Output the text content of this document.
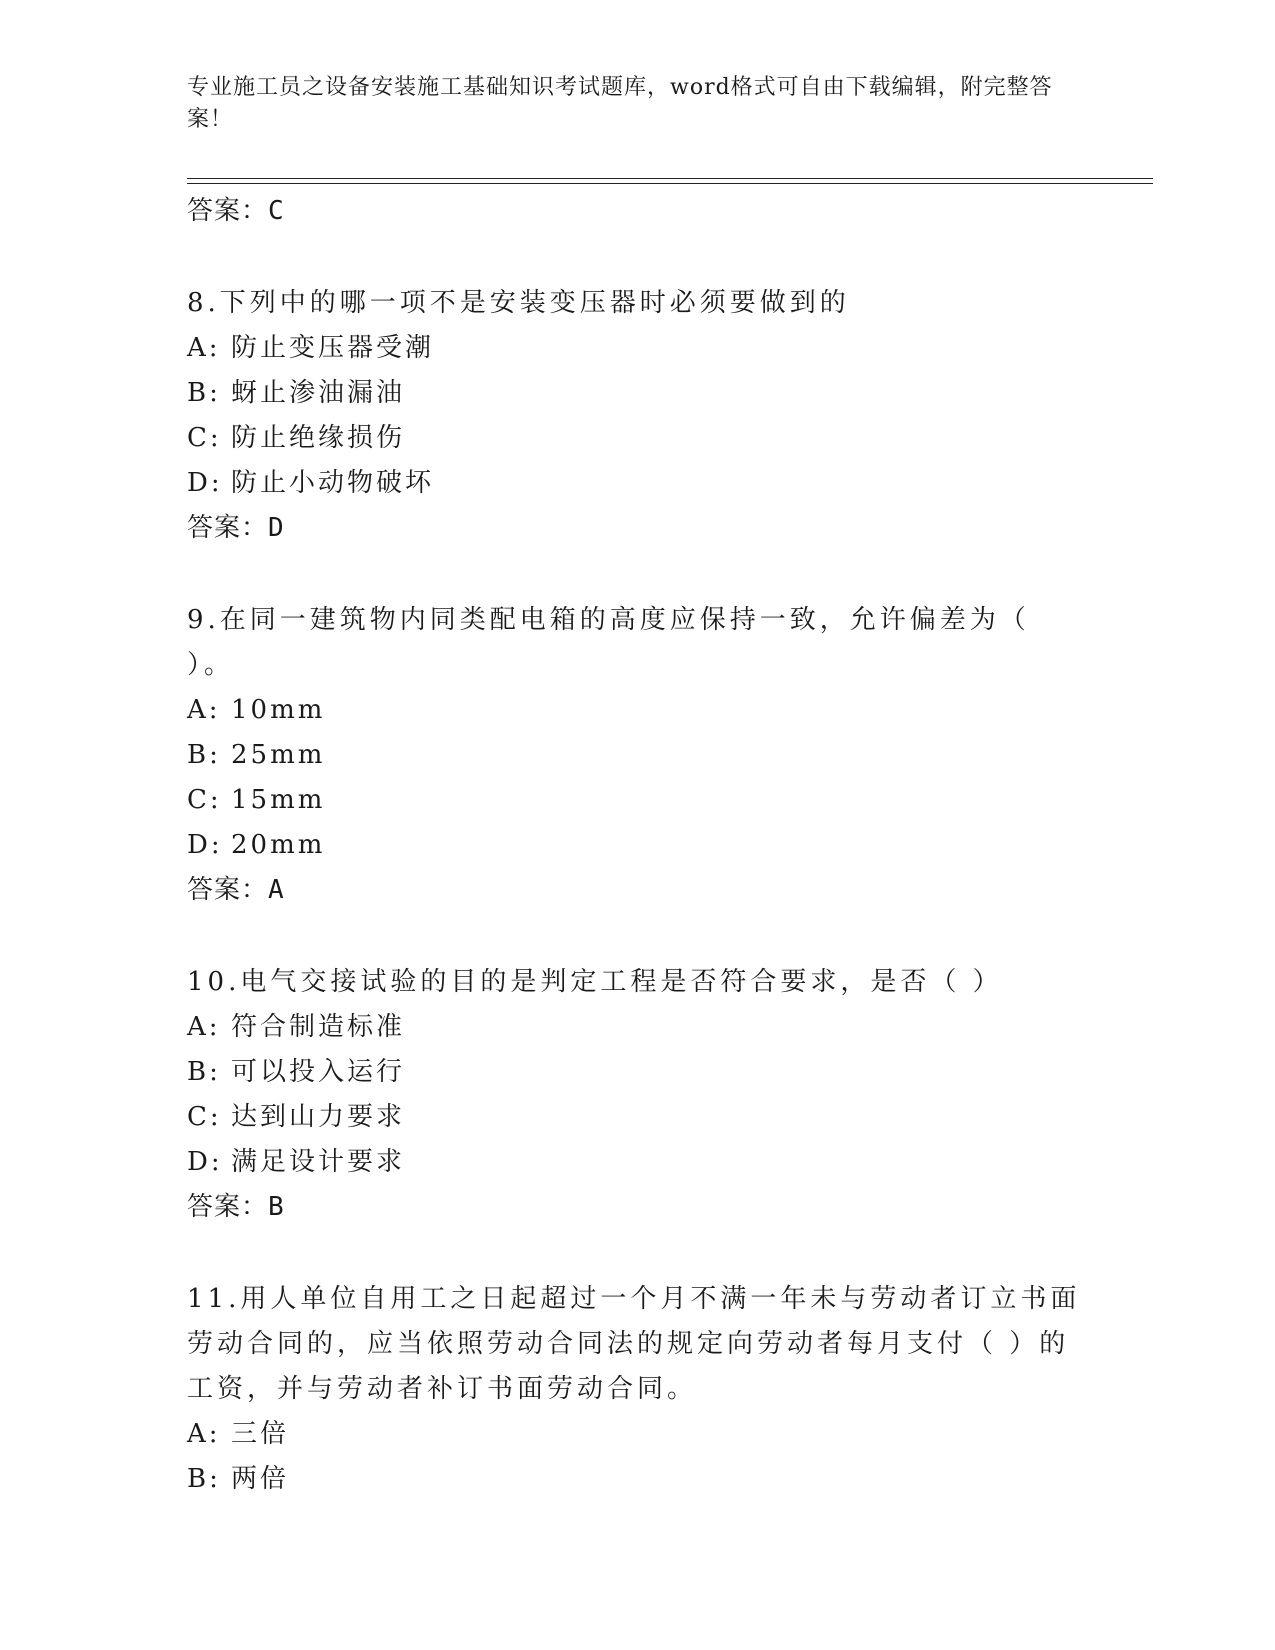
专业施工员之设备安装施工基础知识考试题库，word格式可自由下载编辑，附完整答案！
答案：C
8.下列中的哪一项不是安装变压器时必须要做到的
A: 防止变压器受潮
B: 蚜止渗油漏油
C: 防止绝缘损伤
D: 防止小动物破坏
答案：D
9.在同一建筑物内同类配电箱的高度应保持一致，允许偏差为（ ）。
A: 10mm
B: 25mm
C: 15mm
D: 20mm
答案：A
10.电气交接试验的目的是判定工程是否符合要求，是否（ ）
A: 符合制造标准
B: 可以投入运行
C: 达到山力要求
D: 满足设计要求
答案：B
11.用人单位自用工之日起超过一个月不满一年未与劳动者订立书面劳动合同的，应当依照劳动合同法的规定向劳动者每月支付（ ）的工资，并与劳动者补订书面劳动合同。
A: 三倍
B: 两倍
